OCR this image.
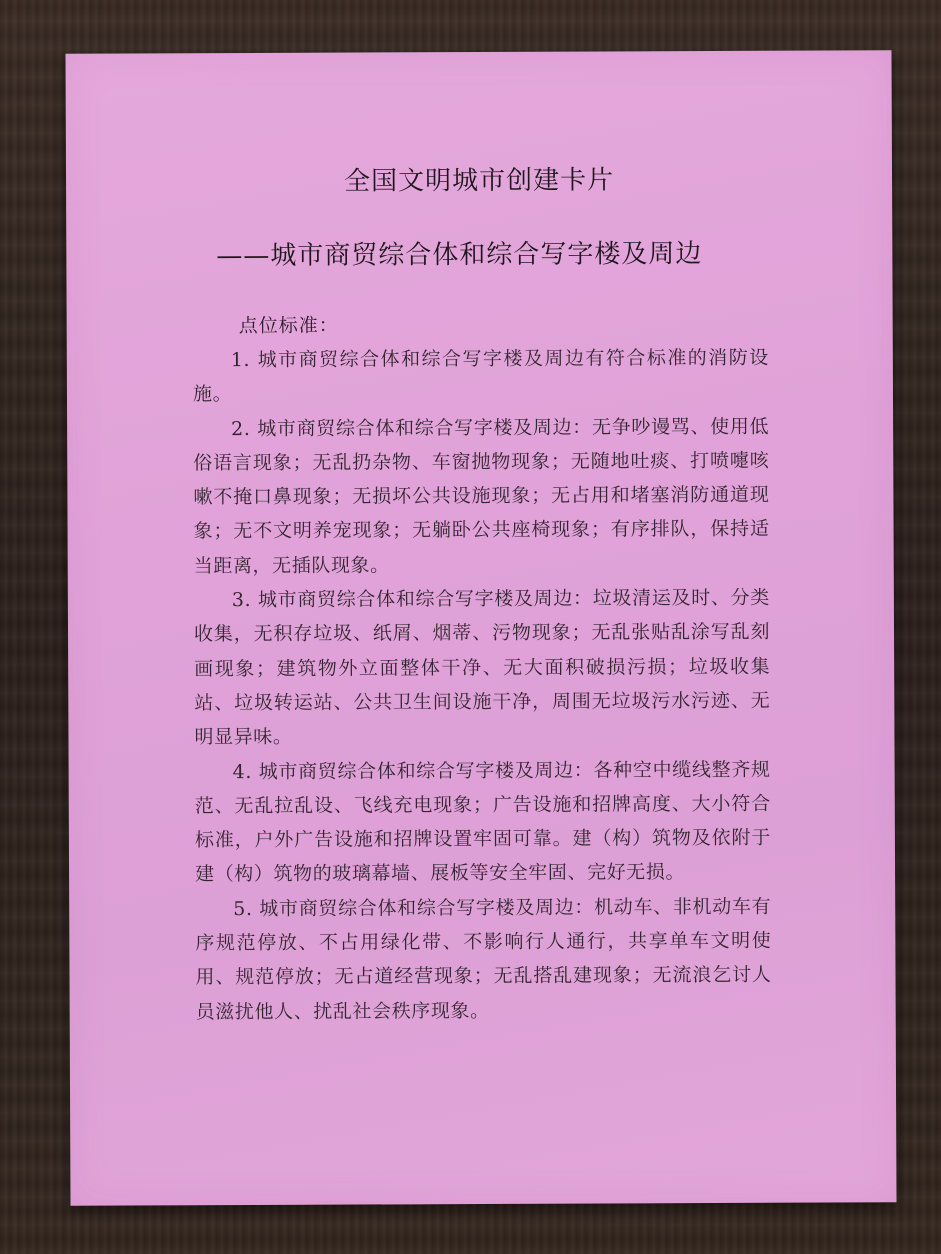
全国文明城市创建卡片
——城市商贸综合体和综合写字楼及周边
点位标准：

1. 城市商贸综合体和综合写字楼及周边有符合标准的消防设施。

2. 城市商贸综合体和综合写字楼及周边：无争吵谩骂、使用低俗语言现象；无乱扔杂物、车窗抛物现象；无随地吐痰、打喷嚏咳嗽不掩口鼻现象；无损坏公共设施现象；无占用和堵塞消防通道现象；无不文明养宠现象；无躺卧公共座椅现象；有序排队，保持适当距离，无插队现象。

3. 城市商贸综合体和综合写字楼及周边：垃圾清运及时、分类收集，无积存垃圾、纸屑、烟蒂、污物现象；无乱张贴乱涂写乱刻画现象；建筑物外立面整体干净、无大面积破损污损；垃圾收集站、垃圾转运站、公共卫生间设施干净，周围无垃圾污水污迹、无明显异味。

4. 城市商贸综合体和综合写字楼及周边：各种空中缆线整齐规范、无乱拉乱设、飞线充电现象；广告设施和招牌高度、大小符合标准，户外广告设施和招牌设置牢固可靠。建（构）筑物及依附于建（构）筑物的玻璃幕墙、展板等安全牢固、完好无损。

5. 城市商贸综合体和综合写字楼及周边：机动车、非机动车有序规范停放、不占用绿化带、不影响行人通行，共享单车文明使用、规范停放；无占道经营现象；无乱搭乱建现象；无流浪乞讨人员滋扰他人、扰乱社会秩序现象。
